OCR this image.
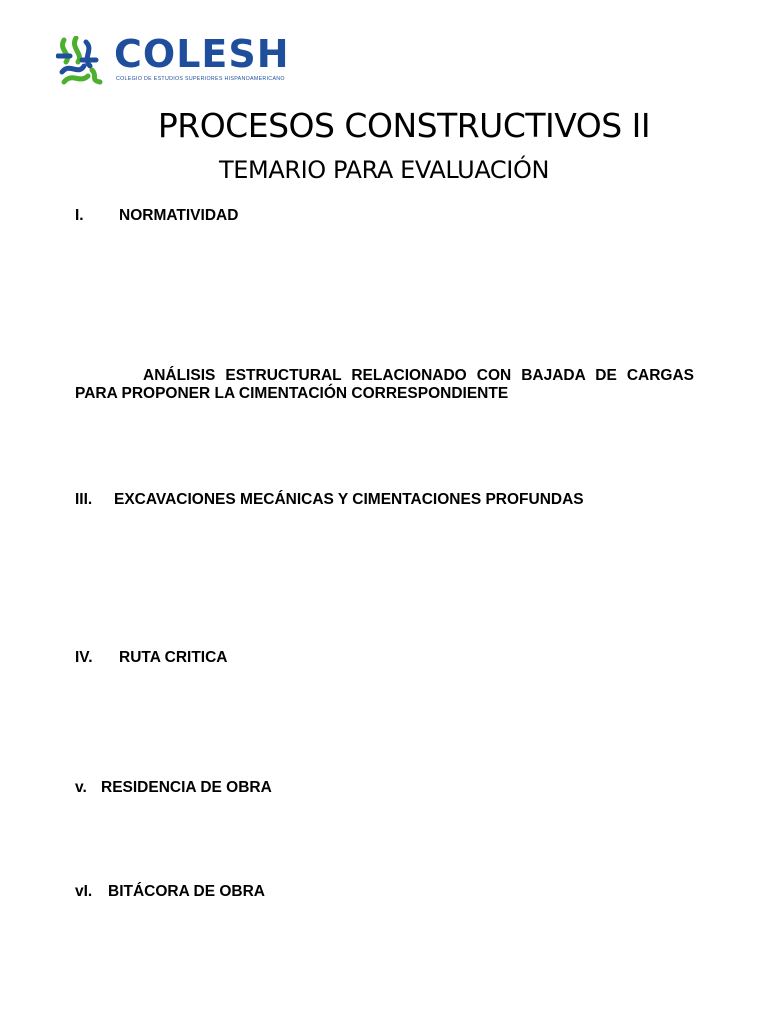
COLESH
COLEGIO DE ESTUDIOS SUPERIORES HISPANOAMERICANO
PROCESOS CONSTRUCTIVOS II
TEMARIO PARA EVALUACIÓN
I. NORMATIVIDAD
ANÁLISIS ESTRUCTURAL RELACIONADO CON BAJADA DE CARGAS PARA PROPONER LA CIMENTACIÓN CORRESPONDIENTE
III. EXCAVACIONES MECÁNICAS Y CIMENTACIONES PROFUNDAS
IV. RUTA CRITICA
v. RESIDENCIA DE OBRA
vI. BITÁCORA DE OBRA
